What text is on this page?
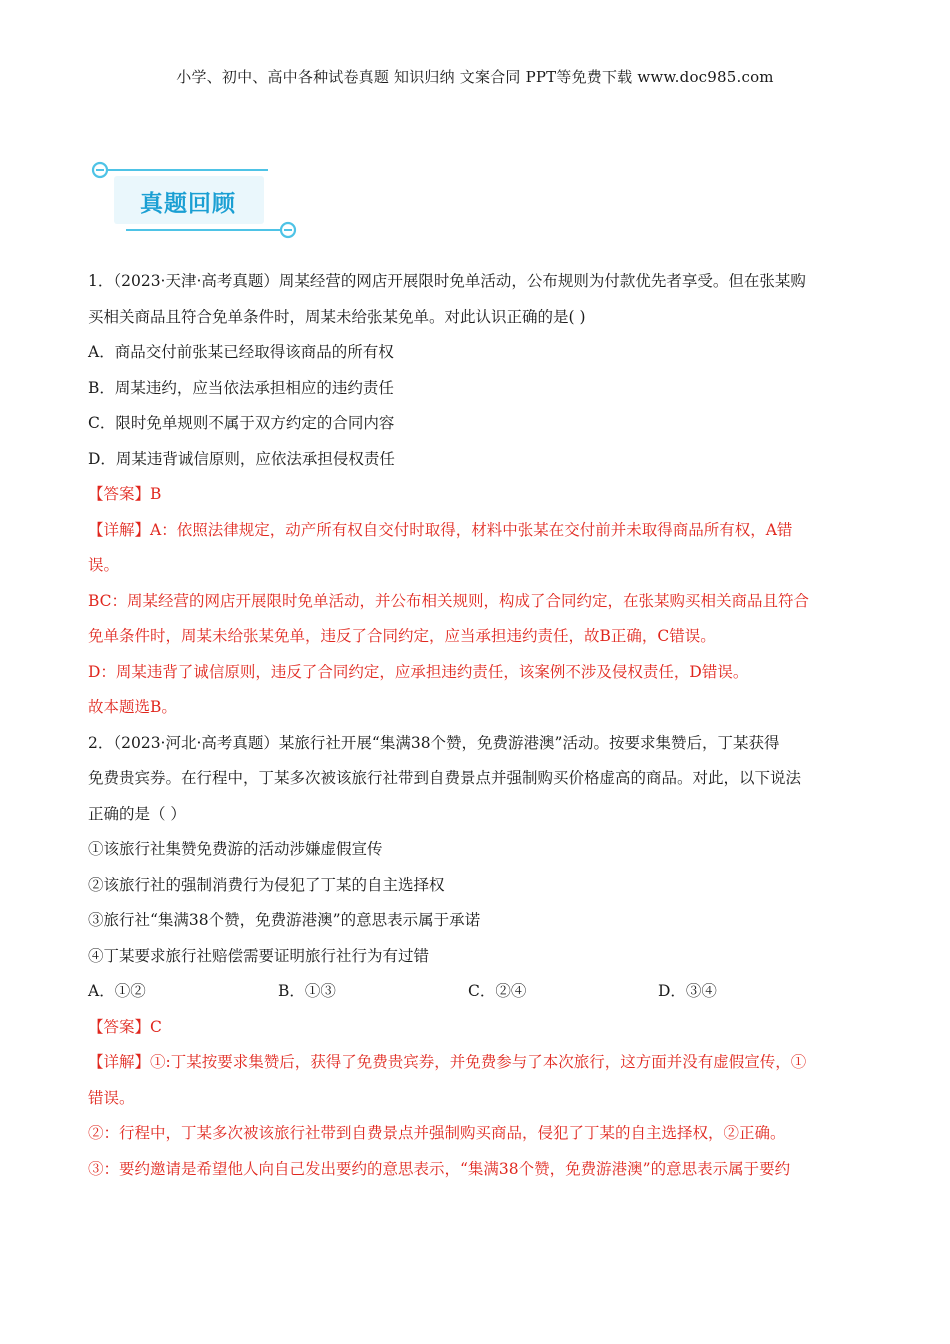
小学、初中、高中各种试卷真题 知识归纳 文案合同 PPT等免费下载 www.doc985.com
真题回顾
1．（2023·天津·高考真题）周某经营的网店开展限时免单活动，公布规则为付款优先者享受。但在张某购
买相关商品且符合免单条件时，周某未给张某免单。对此认识正确的是( )
A．商品交付前张某已经取得该商品的所有权
B．周某违约，应当依法承担相应的违约责任
C．限时免单规则不属于双方约定的合同内容
D．周某违背诚信原则，应依法承担侵权责任
【答案】B
【详解】A：依照法律规定，动产所有权自交付时取得，材料中张某在交付前并未取得商品所有权，A错
误。
BC：周某经营的网店开展限时免单活动，并公布相关规则，构成了合同约定，在张某购买相关商品且符合
免单条件时，周某未给张某免单，违反了合同约定，应当承担违约责任，故B正确，C错误。
D：周某违背了诚信原则，违反了合同约定，应承担违约责任，该案例不涉及侵权责任，D错误。
故本题选B。
2．（2023·河北·高考真题）某旅行社开展“集满38个赞，免费游港澳”活动。按要求集赞后，丁某获得
免费贵宾券。在行程中，丁某多次被该旅行社带到自费景点并强制购买价格虚高的商品。对此，以下说法
正确的是（ ）
①该旅行社集赞免费游的活动涉嫌虚假宣传
②该旅行社的强制消费行为侵犯了丁某的自主选择权
③旅行社“集满38个赞，免费游港澳”的意思表示属于承诺
④丁某要求旅行社赔偿需要证明旅行社行为有过错
A．①②	B．①③	C．②④	D．③④
【答案】C
【详解】①:丁某按要求集赞后，获得了免费贵宾券，并免费参与了本次旅行，这方面并没有虚假宣传，①
错误。
②：行程中，丁某多次被该旅行社带到自费景点并强制购买商品，侵犯了丁某的自主选择权，②正确。
③：要约邀请是希望他人向自己发出要约的意思表示，“集满38个赞，免费游港澳”的意思表示属于要约
